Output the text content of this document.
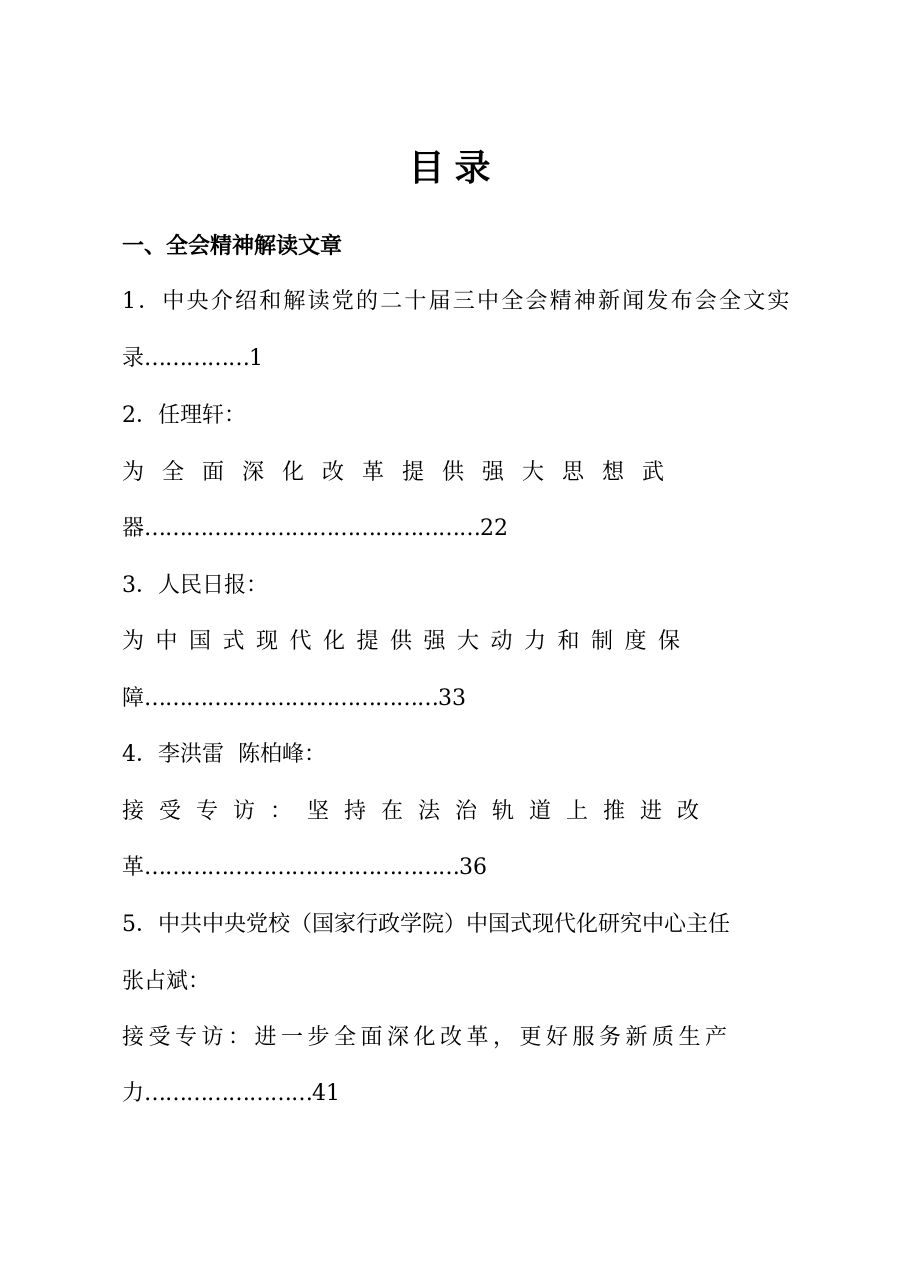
目录
一、全会精神解读文章
1．中央介绍和解读党的二十届三中全会精神新闻发布会全文实
录……………1
2．任理轩：
为全面深化改革提供强大思想武
器…………………………………………22
3．人民日报：
为中国式现代化提供强大动力和制度保
障……………………………………33
4．李洪雷  陈柏峰：
接受专访：坚持在法治轨道上推进改
革………………………………………36
5．中共中央党校（国家行政学院）中国式现代化研究中心主任
张占斌：
接受专访：进一步全面深化改革，更好服务新质生产
力……………………41
